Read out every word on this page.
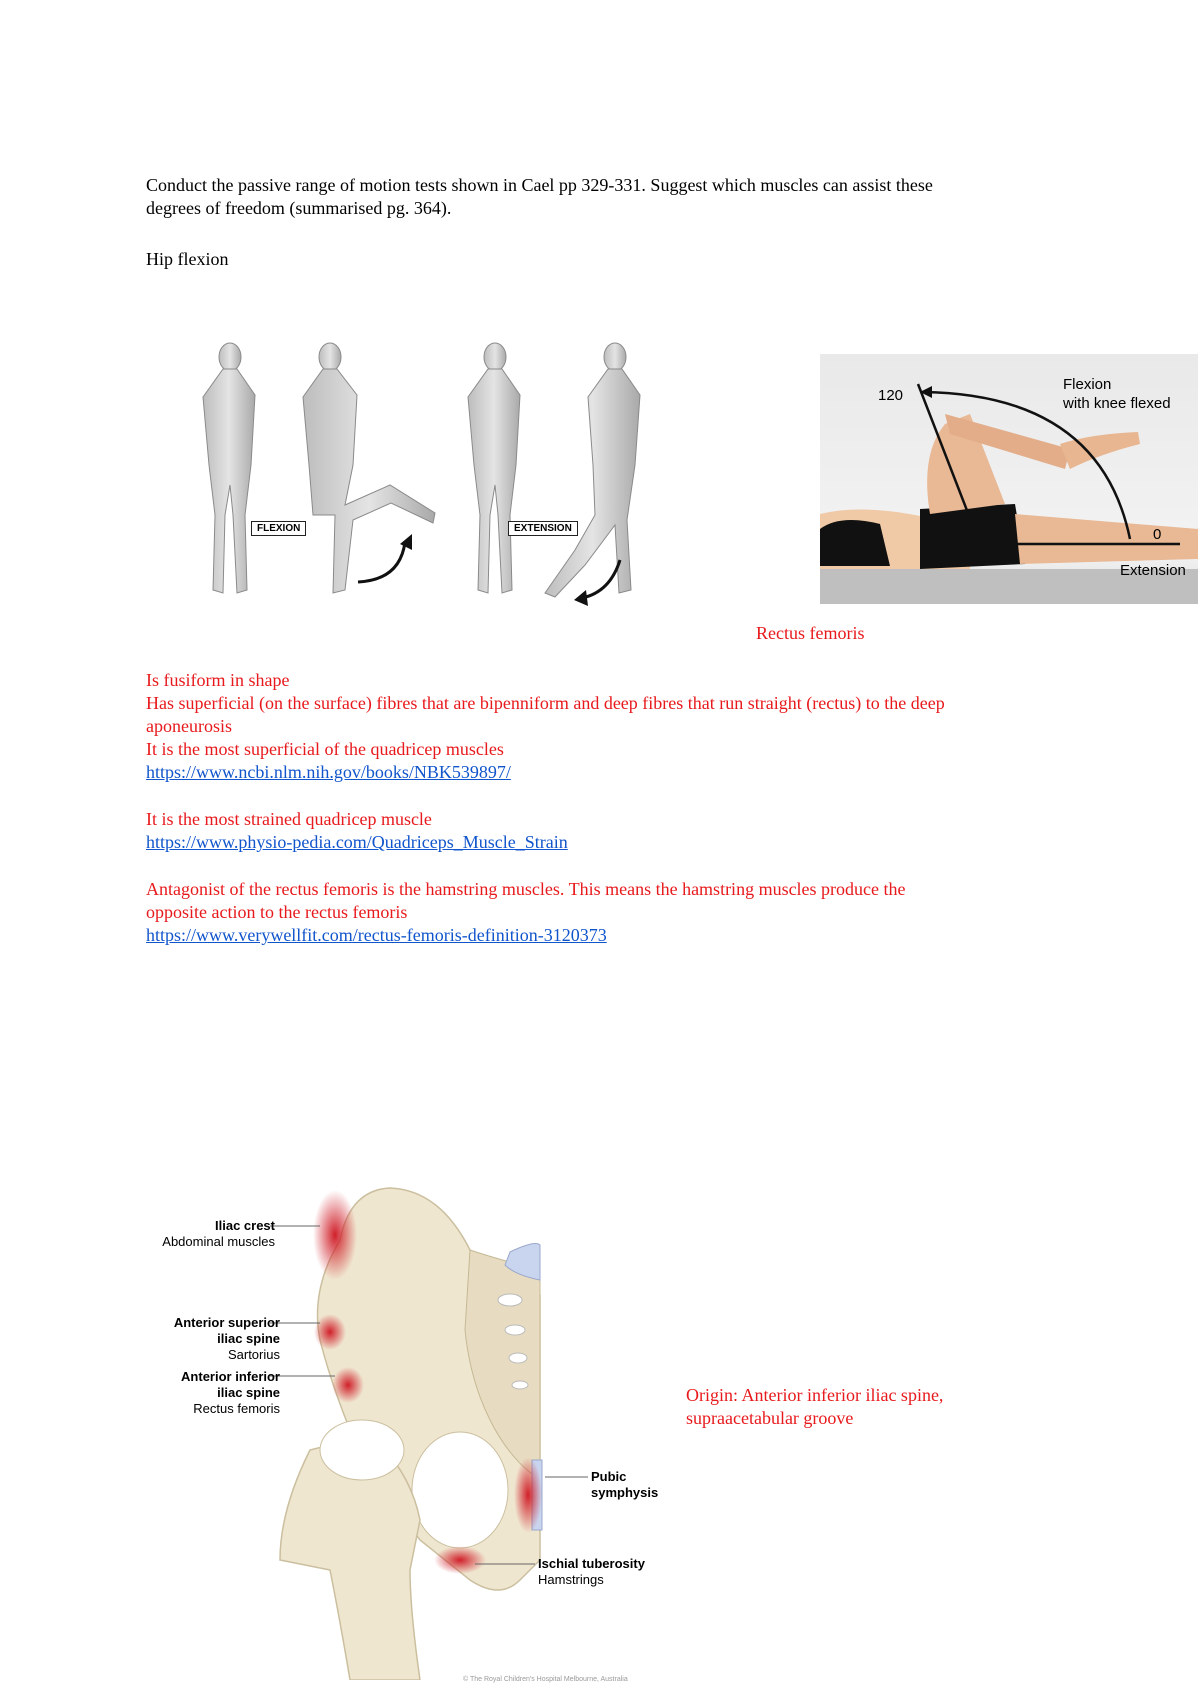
Conduct the passive range of motion tests shown in Cael pp 329-331. Suggest which muscles can assist these

degrees of freedom (summarised pg. 364).

Hip flexion

FLEXION	EXTENSION
120
0
Flexion
with knee flexed
Extension

Rectus femoris

Is fusiform in shape

Has superficial (on the surface) fibres that are bipenniform and deep fibres that run straight (rectus) to the deep

aponeurosis

It is the most superficial of the quadricep muscles

https://www.ncbi.nlm.nih.gov/books/NBK539897/

It is the most strained quadricep muscle

https://www.physio-pedia.com/Quadriceps_Muscle_Strain

Antagonist of the rectus femoris is the hamstring muscles. This means the hamstring muscles produce the

opposite action to the rectus femoris

https://www.verywellfit.com/rectus-femoris-definition-3120373
Iliac crest
Abdominal muscles
Anterior superior
iliac spine
Sartorius
Anterior inferior
iliac spine
Rectus femoris
Pubic
symphysis
Ischial tuberosity
Hamstrings
© The Royal Children's Hospital Melbourne, Australia

Origin: Anterior inferior iliac spine,

supraacetabular groove
